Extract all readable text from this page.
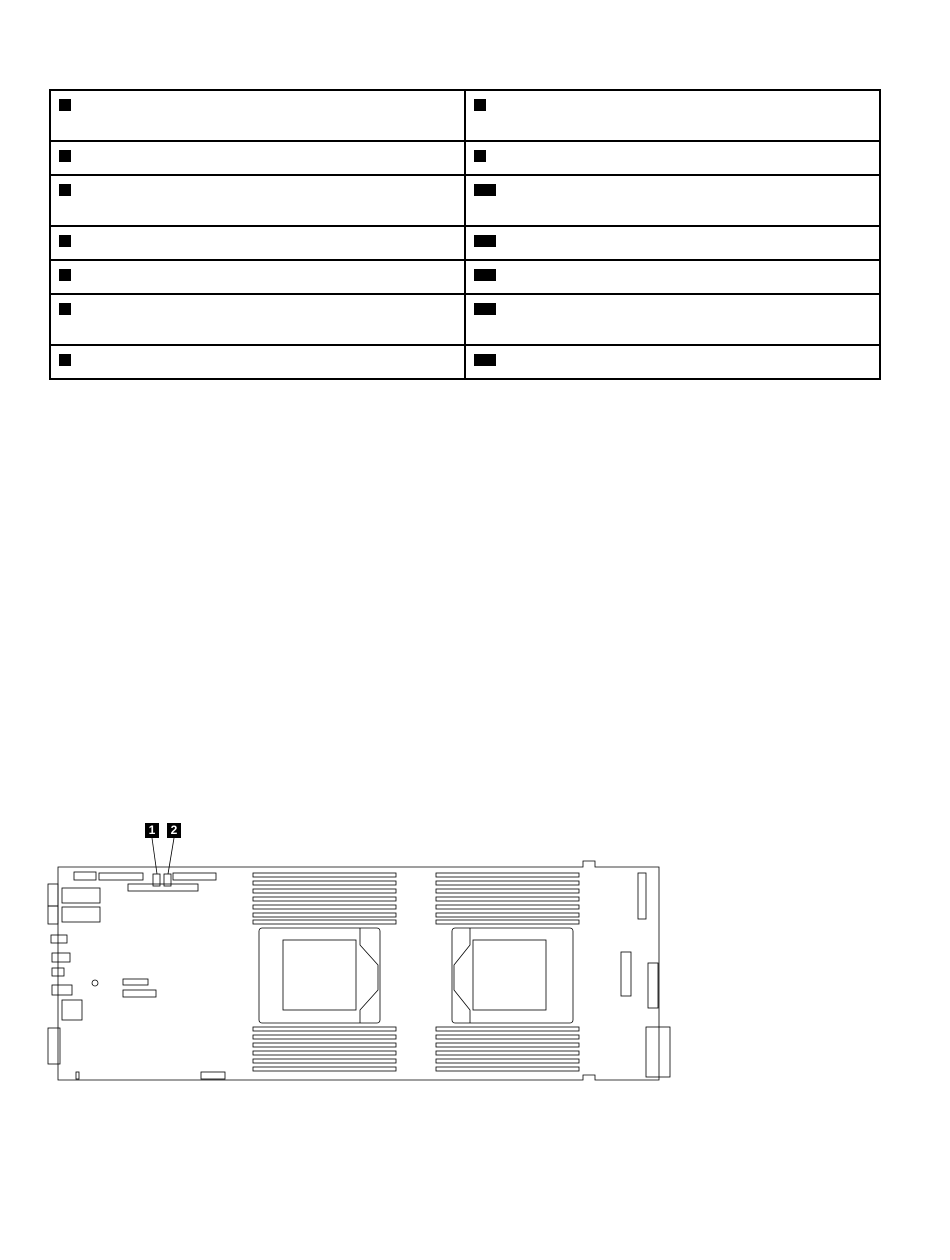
1	2
3	4
5	10
6	11
7	12
8	13
9	14
1	2
